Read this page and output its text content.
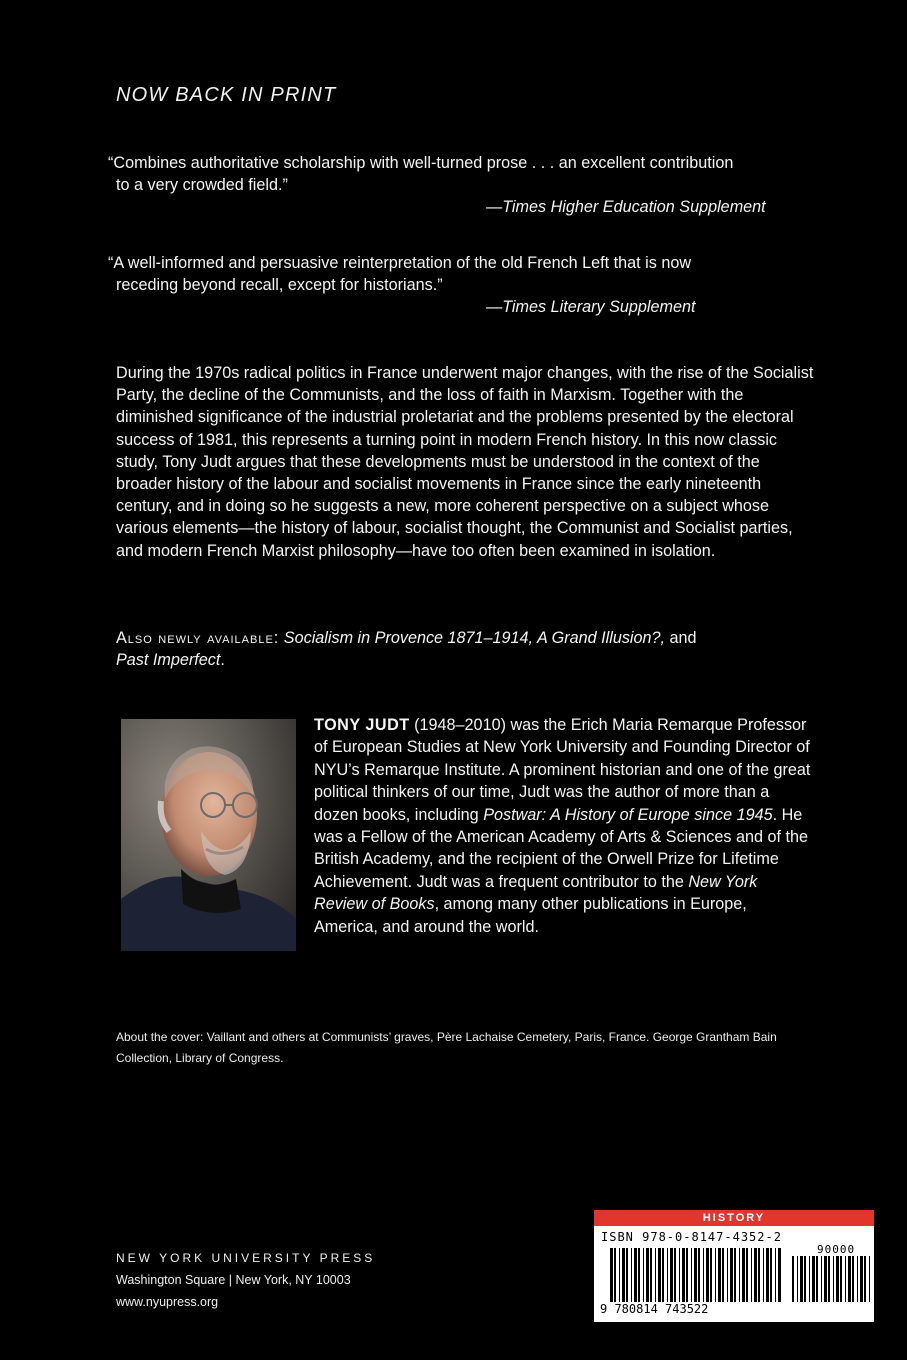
NOW BACK IN PRINT
“Combines authoritative scholarship with well-turned prose . . . an excellent contribution
to a very crowded field.”
—Times Higher Education Supplement
“A well-informed and persuasive reinterpretation of the old French Left that is now
receding beyond recall, except for historians.”
—Times Literary Supplement
During the 1970s radical politics in France underwent major changes, with the rise of the Socialist Party, the decline of the Communists, and the loss of faith in Marxism. Together with the diminished significance of the industrial proletariat and the problems presented by the electoral success of 1981, this represents a turning point in modern French history. In this now classic study, Tony Judt argues that these developments must be understood in the context of the broader history of the labour and socialist movements in France since the early nineteenth century, and in doing so he suggests a new, more coherent perspective on a subject whose various elements—the history of labour, socialist thought, the Communist and Socialist parties, and modern French Marxist philosophy—have too often been examined in isolation.
Also newly available: Socialism in Provence 1871–1914, A Grand Illusion?, and
Past Imperfect.
TONY JUDT (1948–2010) was the Erich Maria Remarque Professor of European Studies at New York University and Founding Director of NYU’s Remarque Institute. A prominent historian and one of the great political thinkers of our time, Judt was the author of more than a dozen books, including Postwar: A History of Europe since 1945. He was a Fellow of the American Academy of Arts & Sciences and of the British Academy, and the recipient of the Orwell Prize for Lifetime Achievement. Judt was a frequent contributor to the New York Review of Books, among many other publications in Europe, America, and around the world.
About the cover: Vaillant and others at Communists’ graves, Père Lachaise Cemetery, Paris, France. George Grantham Bain Collection, Library of Congress.
NEW YORK UNIVERSITY PRESS
Washington Square | New York, NY 10003
www.nyupress.org
HISTORY
ISBN 978-0-8147-4352-2
90000
9 780814 743522
